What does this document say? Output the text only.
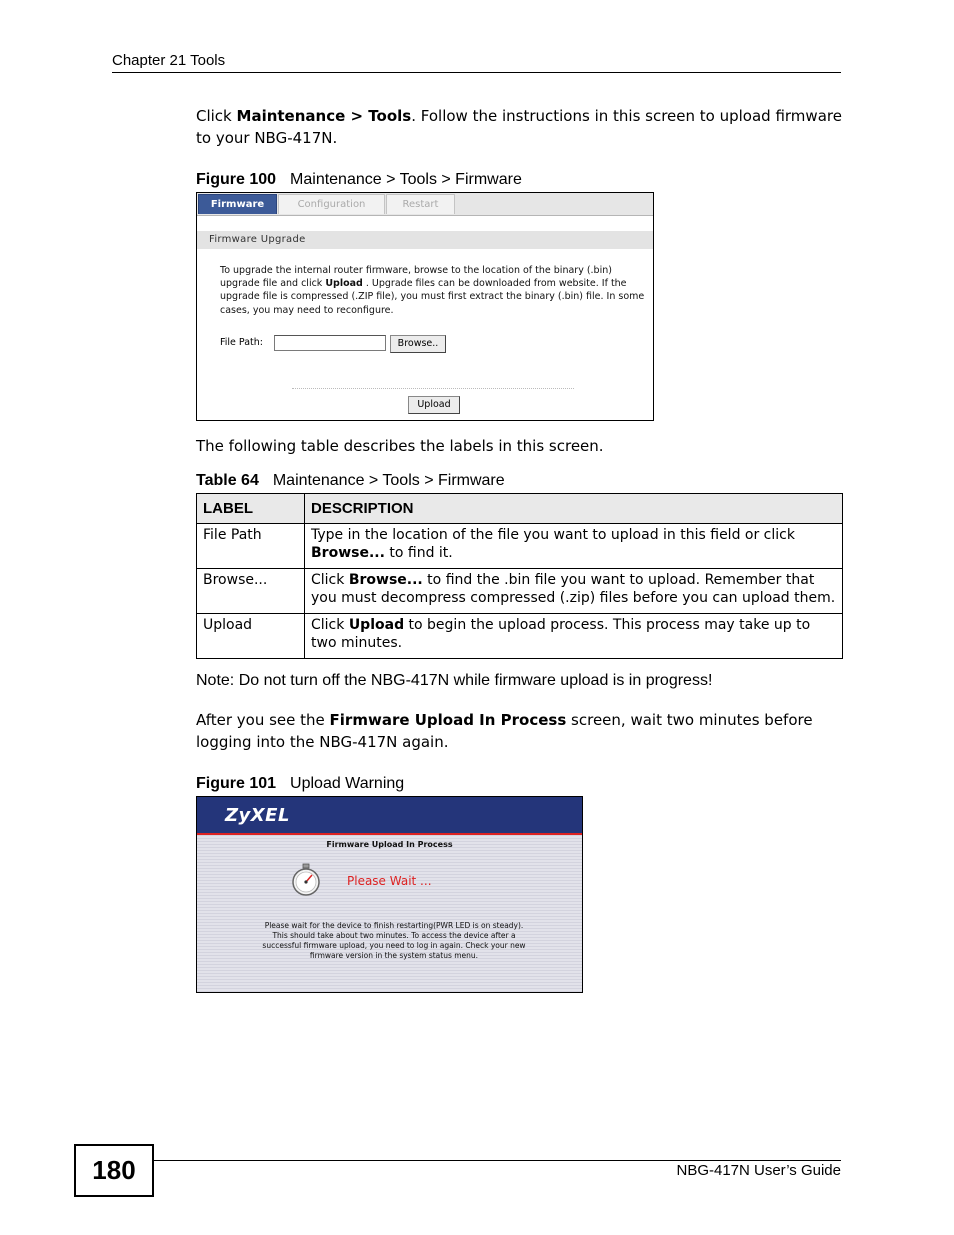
Chapter 21 Tools
Click Maintenance > Tools. Follow the instructions in this screen to upload firmware to your NBG-417N.
Figure 100 Maintenance > Tools > Firmware
Firmware	Configuration	Restart
Firmware Upgrade
To upgrade the internal router firmware, browse to the location of the binary (.bin) upgrade file and click Upload . Upgrade files can be downloaded from website. If the upgrade file is compressed (.ZIP file), you must first extract the binary (.bin) file. In some cases, you may need to reconfigure.
File Path:	Browse..
Upload
The following table describes the labels in this screen.
Table 64 Maintenance > Tools > Firmware
LABEL	DESCRIPTION
File Path	Type in the location of the file you want to upload in this field or click Browse... to find it.
Browse...	Click Browse... to find the .bin file you want to upload. Remember that you must decompress compressed (.zip) files before you can upload them.
Upload	Click Upload to begin the upload process. This process may take up to two minutes.
Note: Do not turn off the NBG-417N while firmware upload is in progress!
After you see the Firmware Upload In Process screen, wait two minutes before logging into the NBG-417N again.
Figure 101 Upload Warning
ZyXEL
Firmware Upload In Process
Please Wait ...
Please wait for the device to finish restarting(PWR LED is on steady). This should take about two minutes. To access the device after a successful firmware upload, you need to log in again. Check your new firmware version in the system status menu.
180	NBG-417N User’s Guide
